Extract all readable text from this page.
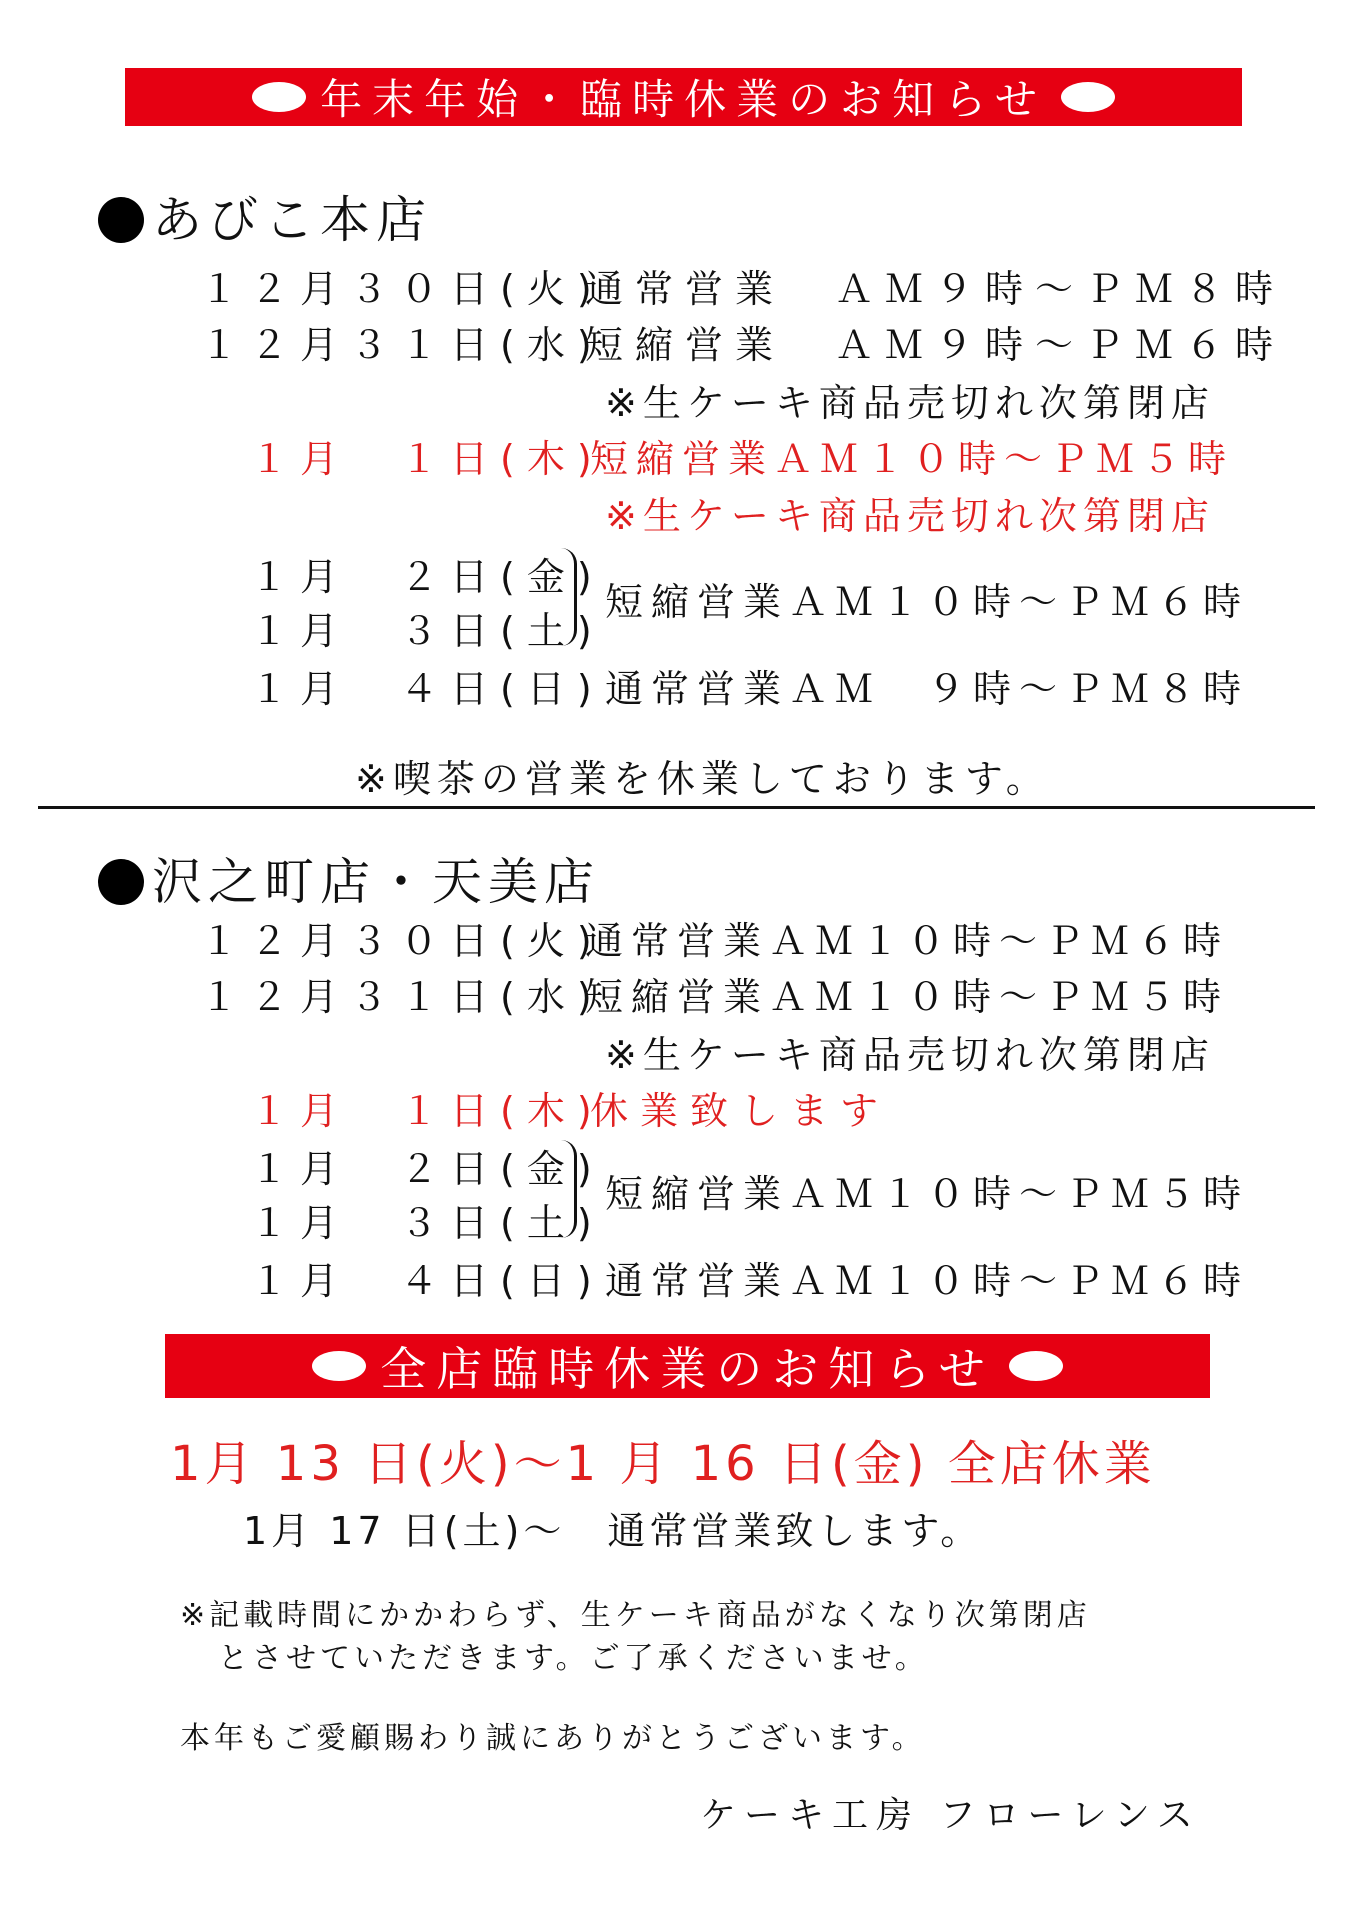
年末年始・臨時休業のお知らせ
あびこ本店
１２月３０日(火)
通常営業　ＡＭ９時～ＰＭ８時
１２月３１日(水)
短縮営業　ＡＭ９時～ＰＭ６時
※生ケーキ商品売切れ次第閉店
１月　１日(木)
短縮営業ＡＭ１０時～ＰＭ５時
※生ケーキ商品売切れ次第閉店
１月　２日(金)
１月　３日(土)
短縮営業ＡＭ１０時～ＰＭ６時
１月　４日(日) 通常営業ＡＭ　９時～ＰＭ８時
※喫茶の営業を休業しております。
沢之町店・天美店
１２月３０日(火)
通常営業ＡＭ１０時～ＰＭ６時
１２月３１日(水)
短縮営業ＡＭ１０時～ＰＭ５時
※生ケーキ商品売切れ次第閉店
１月　１日(木)
休業致します
１月　２日(金)
１月　３日(土)
短縮営業ＡＭ１０時～ＰＭ５時
１月　４日(日) 通常営業ＡＭ１０時～ＰＭ６時
全店臨時休業のお知らせ
1月 13 日(火)～1 月 16 日(金) 全店休業
1月 17 日(土)～　通常営業致します。
※記載時間にかかわらず、生ケーキ商品がなくなり次第閉店
とさせていただきます。ご了承くださいませ。
本年もご愛顧賜わり誠にありがとうございます。
ケーキ工房 フローレンス
